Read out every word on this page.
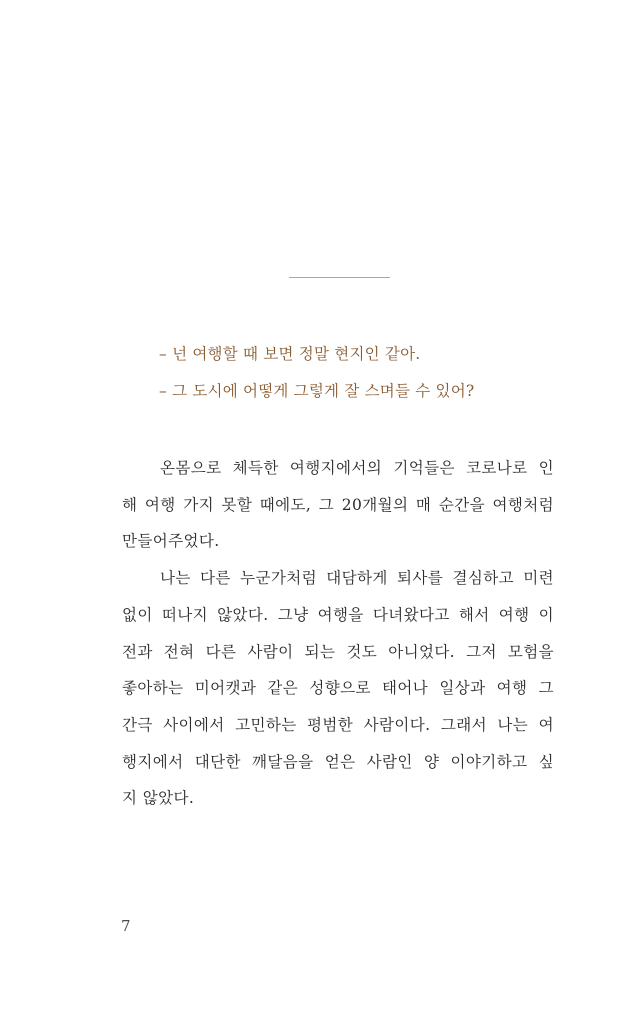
– 넌 여행할 때 보면 정말 현지인 같아.
– 그 도시에 어떻게 그렇게 잘 스며들 수 있어?
온몸으로 체득한 여행지에서의 기억들은 코로나로 인
해 여행 가지 못할 때에도, 그 20개월의 매 순간을 여행처럼
만들어주었다.
나는 다른 누군가처럼 대담하게 퇴사를 결심하고 미련
없이 떠나지 않았다. 그냥 여행을 다녀왔다고 해서 여행 이
전과 전혀 다른 사람이 되는 것도 아니었다. 그저 모험을
좋아하는 미어캣과 같은 성향으로 태어나 일상과 여행 그
간극 사이에서 고민하는 평범한 사람이다. 그래서 나는 여
행지에서 대단한 깨달음을 얻은 사람인 양 이야기하고 싶
지 않았다.
7
